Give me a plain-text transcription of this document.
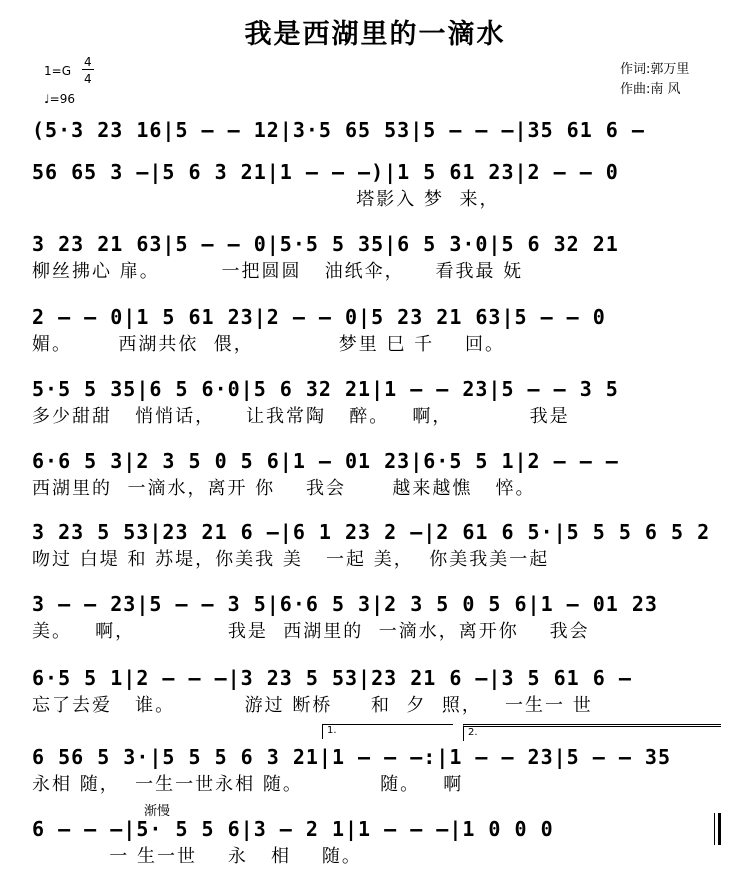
我是西湖里的一滴水
1=G
4
4
♩=96
作词:郭万里
作曲:南 风
(5·3 23 16|5 — — 12|3·5 65 53|5 — — —|35 61 6 —
56 65 3 —|5 6 3 21|1 — — —)|1 5 61 23|2 — — 0
塔影入 梦  来，
3 23 21 63|5 — — 0|5·5 5 35|6 5 3·0|5 6 32 21
柳丝拂心 扉。        一把圆圆   油纸伞，    看我最 妩
2 — — 0|1 5 61 23|2 — — 0|5 23 21 63|5 — — 0
媚。      西湖共依  偎，           梦里 巳 千    回。
5·5 5 35|6 5 6·0|5 6 32 21|1 — — 23|5 — — 3 5
多少甜甜   悄悄话，    让我常陶   醉。   啊，          我是
6·6 5 3|2 3 5 0 5 6|1 — 01 23|6·5 5 1|2 — — —
西湖里的  一滴水，离开 你    我会      越来越憔   悴。
3 23 5 53|23 21 6 —|6 1 23 2 —|2 61 6 5·|5 5 5 6 5 2
吻过 白堤 和 苏堤，你美我 美   一起 美，  你美我美一起
3 — — 23|5 — — 3 5|6·6 5 3|2 3 5 0 5 6|1 — 01 23
美。   啊，            我是  西湖里的  一滴水，离开你    我会
6·5 5 1|2 — — —|3 23 5 53|23 21 6 —|3 5 61 6 —
忘了去爱   谁。         游过 断桥     和  夕  照，   一生一 世
6 56 5 3·|5 5 5 6 3 21|1 — — —:|1 — — 23|5 — — 35
永相 随，  一生一世永相 随。          随。   啊
6 — — —|5· 5 5 6|3 — 2 1|1 — — —|1 0 0 0
一 生一世    永   相    随。
1.	2.
渐慢
